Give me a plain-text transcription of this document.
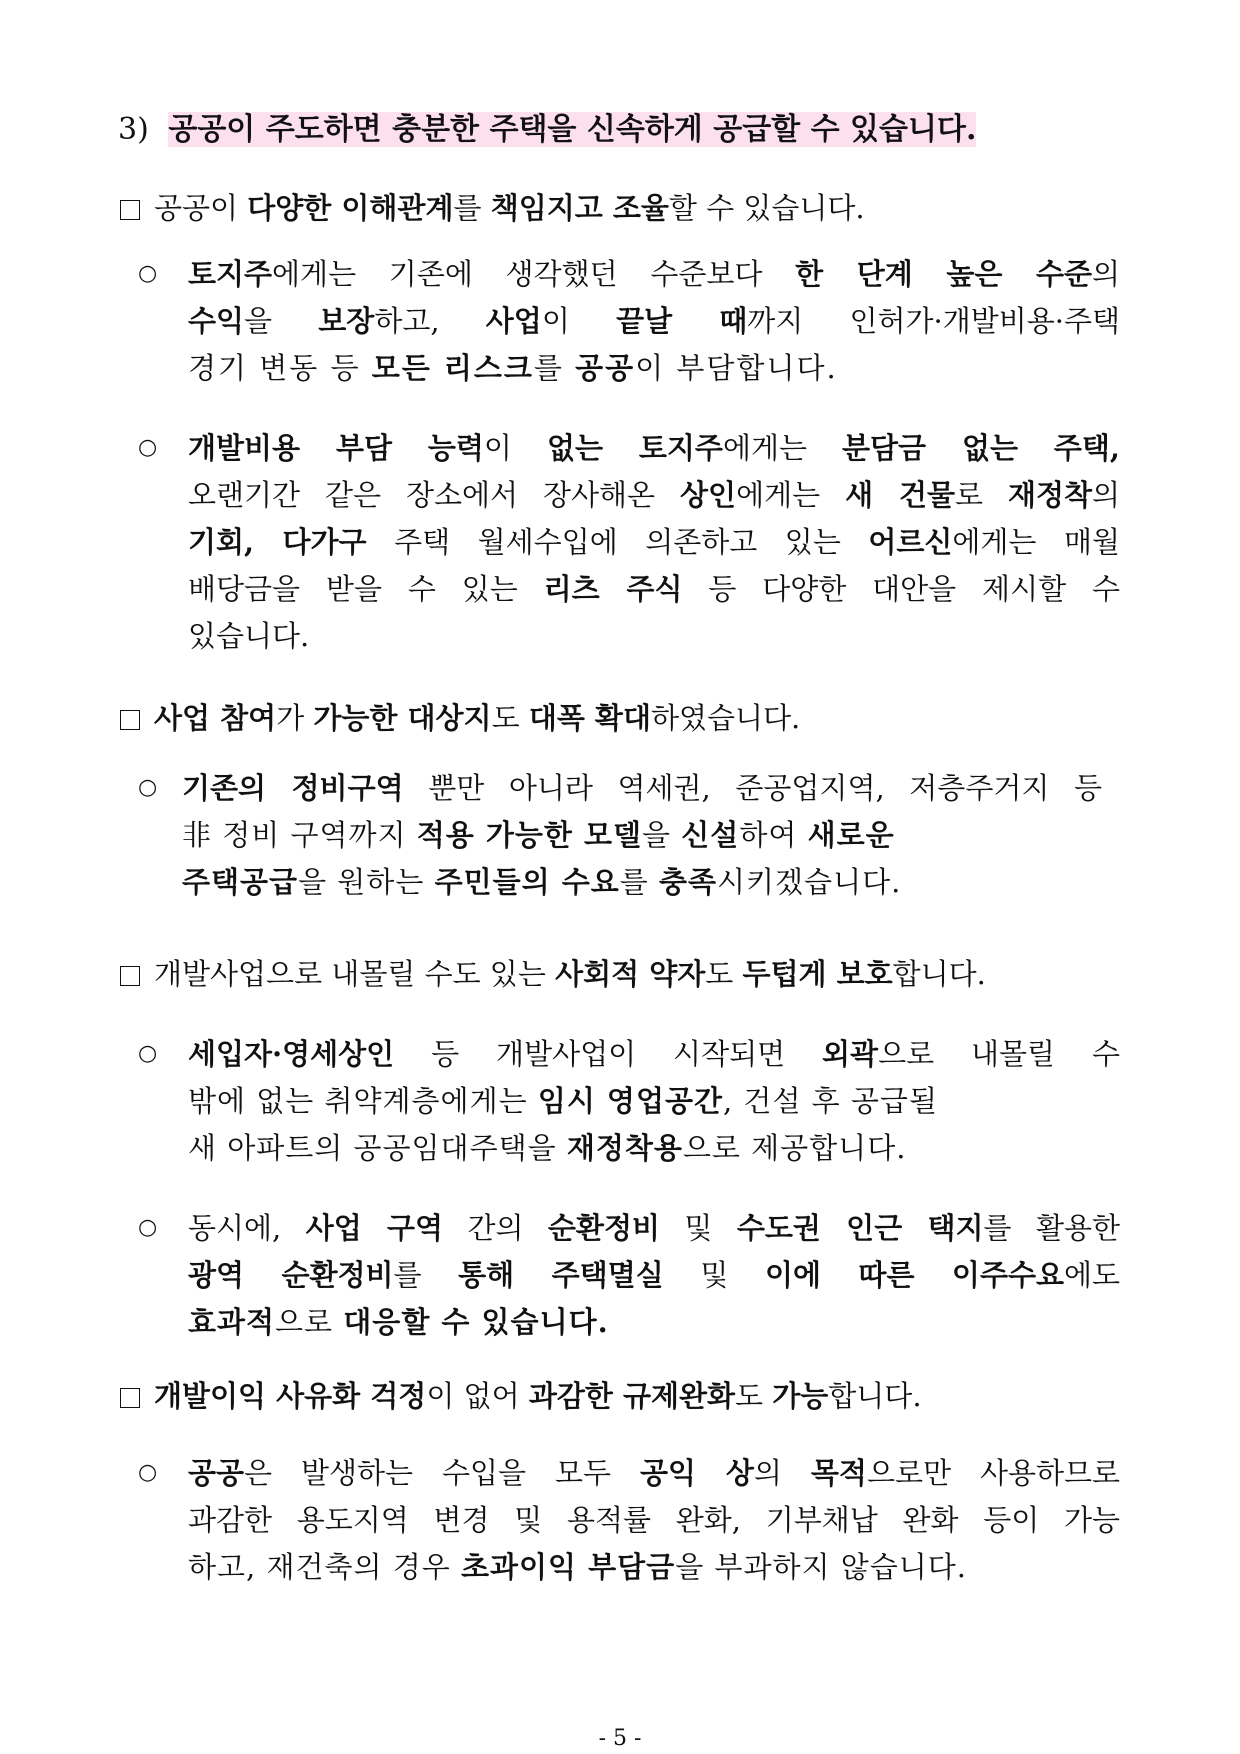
3) 공공이 주도하면 충분한 주택을 신속하게 공급할 수 있습니다.
공공이 다양한 이해관계를 책임지고 조율할 수 있습니다.
○ 토지주에게는 기존에 생각했던 수준보다 한 단계 높은 수준의
수익을 보장하고, 사업이 끝날 때까지 인허가·개발비용·주택
경기 변동 등 모든 리스크를 공공이 부담합니다.
○ 개발비용 부담 능력이 없는 토지주에게는 분담금 없는 주택,
오랜기간 같은 장소에서 장사해온 상인에게는 새 건물로 재정착의
기회, 다가구 주택 월세수입에 의존하고 있는 어르신에게는 매월
배당금을 받을 수 있는 리츠 주식 등 다양한 대안을 제시할 수
있습니다.
사업 참여가 가능한 대상지도 대폭 확대하였습니다.
○ 기존의 정비구역 뿐만 아니라 역세권, 준공업지역, 저층주거지 등
非 정비 구역까지 적용 가능한 모델을 신설하여 새로운
주택공급을 원하는 주민들의 수요를 충족시키겠습니다.
개발사업으로 내몰릴 수도 있는 사회적 약자도 두텁게 보호합니다.
○ 세입자·영세상인 등 개발사업이 시작되면 외곽으로 내몰릴 수
밖에 없는 취약계층에게는 임시 영업공간, 건설 후 공급될
새 아파트의 공공임대주택을 재정착용으로 제공합니다.
○ 동시에, 사업 구역 간의 순환정비 및 수도권 인근 택지를 활용한
광역 순환정비를 통해 주택멸실 및 이에 따른 이주수요에도
효과적으로 대응할 수 있습니다.
개발이익 사유화 걱정이 없어 과감한 규제완화도 가능합니다.
○ 공공은 발생하는 수입을 모두 공익 상의 목적으로만 사용하므로
과감한 용도지역 변경 및 용적률 완화, 기부채납 완화 등이 가능
하고, 재건축의 경우 초과이익 부담금을 부과하지 않습니다.
- 5 -
